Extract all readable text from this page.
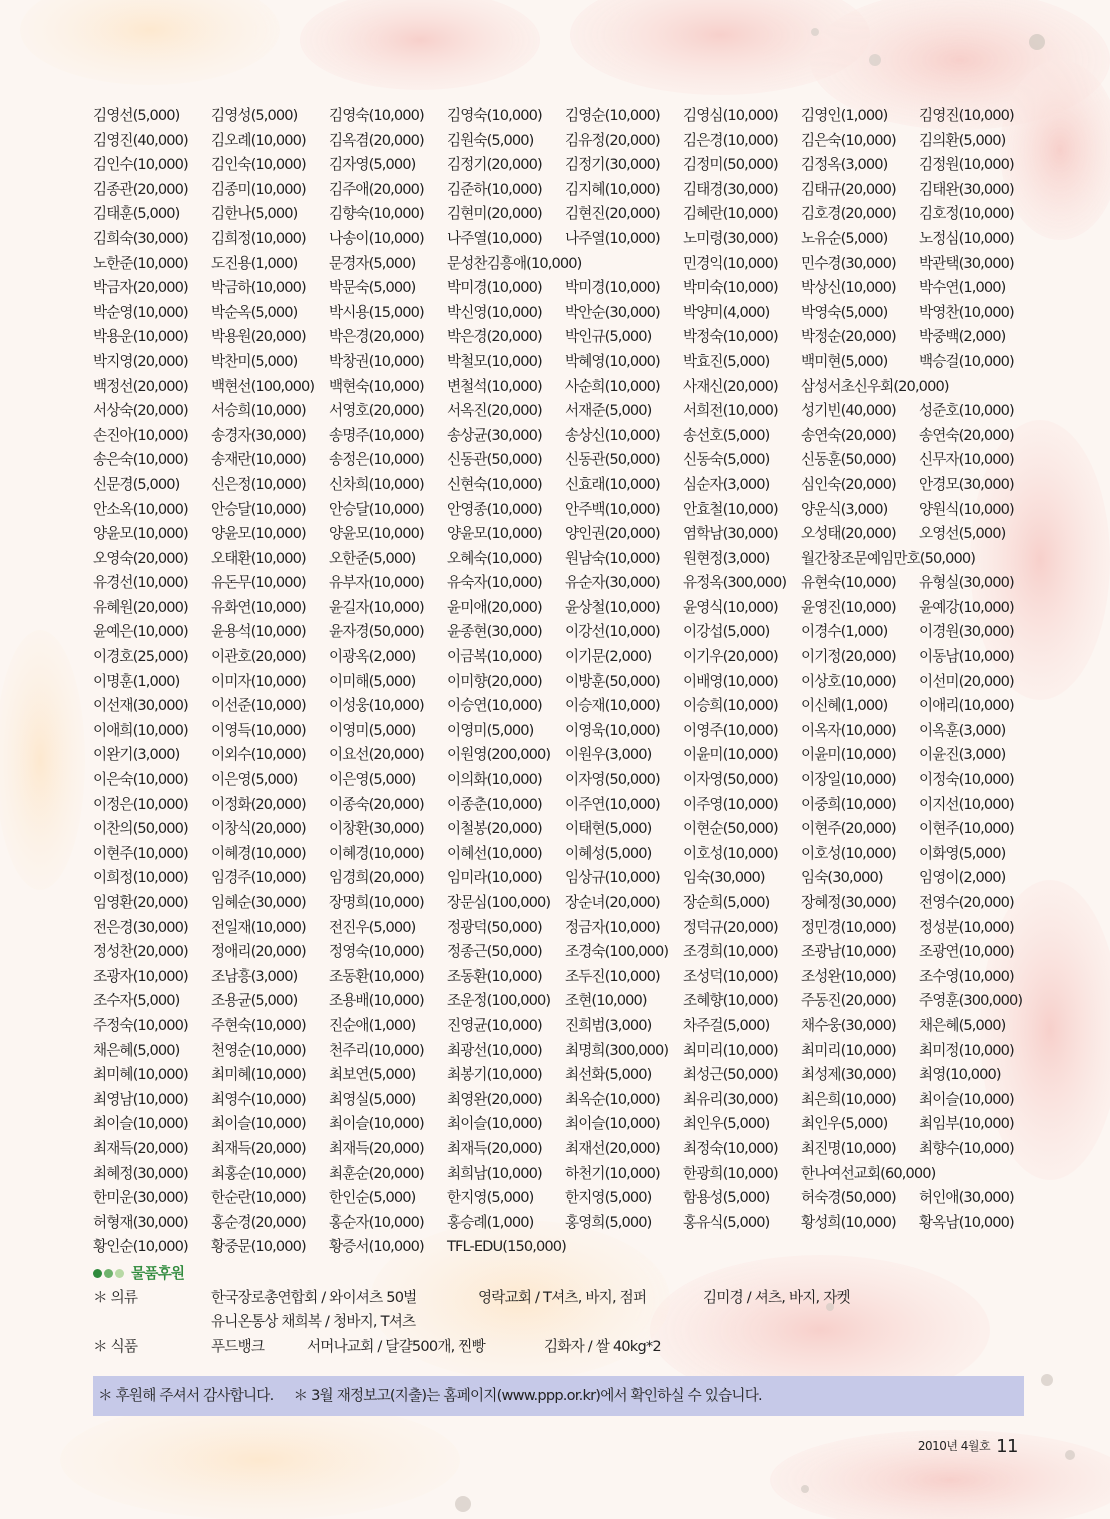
김영선(5,000) 김영성(5,000) 김영숙(10,000) 김영숙(10,000) 김영순(10,000) 김영심(10,000) 김영인(1,000) 김영진(10,000)
김영진(40,000) 김오례(10,000) 김옥겸(20,000) 김원숙(5,000) 김유정(20,000) 김은경(10,000) 김은숙(10,000) 김의환(5,000)
김인수(10,000) 김인숙(10,000) 김자영(5,000) 김정기(20,000) 김정기(30,000) 김정미(50,000) 김정옥(3,000) 김정원(10,000)
김종관(20,000) 김종미(10,000) 김주애(20,000) 김준하(10,000) 김지혜(10,000) 김태경(30,000) 김태규(20,000) 김태완(30,000)
김태훈(5,000) 김한나(5,000) 김향숙(10,000) 김현미(20,000) 김현진(20,000) 김혜란(10,000) 김호경(20,000) 김호정(10,000)
김희숙(30,000) 김희정(10,000) 나송이(10,000) 나주열(10,000) 나주열(10,000) 노미령(30,000) 노유순(5,000) 노정심(10,000)
노한준(10,000) 도진용(1,000) 문경자(5,000) 문성찬김흥애(10,000)	민경익(10,000) 민수경(30,000) 박관택(30,000)
박금자(20,000) 박금하(10,000) 박문숙(5,000) 박미경(10,000) 박미경(10,000) 박미숙(10,000) 박상신(10,000) 박수연(1,000)
박순영(10,000) 박순옥(5,000) 박시용(15,000) 박신영(10,000) 박안순(30,000) 박양미(4,000) 박영숙(5,000) 박영찬(10,000)
박용운(10,000) 박용원(20,000) 박은경(20,000) 박은경(20,000) 박인규(5,000) 박정숙(10,000) 박정순(20,000) 박중백(2,000)
박지영(20,000) 박찬미(5,000) 박창권(10,000) 박철모(10,000) 박혜영(10,000) 박효진(5,000) 백미현(5,000) 백승걸(10,000)
백정선(20,000) 백현선(100,000) 백현숙(10,000) 변철석(10,000) 사순희(10,000) 사재신(20,000) 삼성서초신우회(20,000)
서상숙(20,000) 서승희(10,000) 서영호(20,000) 서옥진(20,000) 서재준(5,000) 서희전(10,000) 성기빈(40,000) 성준호(10,000)
손진아(10,000) 송경자(30,000) 송명주(10,000) 송상균(30,000) 송상신(10,000) 송선호(5,000) 송연숙(20,000) 송연숙(20,000)
송은숙(10,000) 송재란(10,000) 송정은(10,000) 신동관(50,000) 신동관(50,000) 신동숙(5,000) 신동훈(50,000) 신무자(10,000)
신문경(5,000) 신은정(10,000) 신차희(10,000) 신현숙(10,000) 신효래(10,000) 심순자(3,000) 심인숙(20,000) 안경모(30,000)
안소옥(10,000) 안승달(10,000) 안승달(10,000) 안영종(10,000) 안주백(10,000) 안효철(10,000) 양운식(3,000) 양원식(10,000)
양윤모(10,000) 양윤모(10,000) 양윤모(10,000) 양윤모(10,000) 양인권(20,000) 염학남(30,000) 오성태(20,000) 오영선(5,000)
오영숙(20,000) 오태환(10,000) 오한준(5,000) 오혜숙(10,000) 원남숙(10,000) 원현정(3,000) 월간창조문예임만호(50,000)
유경선(10,000) 유돈무(10,000) 유부자(10,000) 유숙자(10,000) 유순자(30,000) 유정옥(300,000) 유현숙(10,000) 유형실(30,000)
유혜원(20,000) 유화연(10,000) 윤길자(10,000) 윤미애(20,000) 윤상철(10,000) 윤영식(10,000) 윤영진(10,000) 윤예강(10,000)
윤예은(10,000) 윤용석(10,000) 윤자경(50,000) 윤종현(30,000) 이강선(10,000) 이강섭(5,000) 이경수(1,000) 이경원(30,000)
이경호(25,000) 이관호(20,000) 이광옥(2,000) 이금복(10,000) 이기문(2,000) 이기우(20,000) 이기정(20,000) 이동남(10,000)
이명훈(1,000) 이미자(10,000) 이미해(5,000) 이미향(20,000) 이방훈(50,000) 이배영(10,000) 이상호(10,000) 이선미(20,000)
이선재(30,000) 이선준(10,000) 이성웅(10,000) 이승연(10,000) 이승재(10,000) 이승희(10,000) 이신혜(1,000) 이애리(10,000)
이애희(10,000) 이영득(10,000) 이영미(5,000) 이영미(5,000) 이영욱(10,000) 이영주(10,000) 이옥자(10,000) 이옥훈(3,000)
이완기(3,000) 이외수(10,000) 이요선(20,000) 이원영(200,000) 이원우(3,000) 이윤미(10,000) 이윤미(10,000) 이윤진(3,000)
이은숙(10,000) 이은영(5,000) 이은영(5,000) 이의화(10,000) 이자영(50,000) 이자영(50,000) 이장일(10,000) 이정숙(10,000)
이정은(10,000) 이정화(20,000) 이종숙(20,000) 이종춘(10,000) 이주연(10,000) 이주영(10,000) 이중희(10,000) 이지선(10,000)
이찬의(50,000) 이창식(20,000) 이창환(30,000) 이철봉(20,000) 이태현(5,000) 이현순(50,000) 이현주(20,000) 이현주(10,000)
이현주(10,000) 이혜경(10,000) 이혜경(10,000) 이혜선(10,000) 이혜성(5,000) 이호성(10,000) 이호성(10,000) 이화영(5,000)
이희정(10,000) 임경주(10,000) 임경희(20,000) 임미라(10,000) 임상규(10,000) 임숙(30,000) 임숙(30,000) 임영이(2,000)
임영환(20,000) 임혜순(30,000) 장명희(10,000) 장문심(100,000) 장순녀(20,000) 장순희(5,000) 장혜정(30,000) 전영수(20,000)
전은경(30,000) 전일재(10,000) 전진우(5,000) 정광덕(50,000) 정금자(10,000) 정덕규(20,000) 정민경(10,000) 정성분(10,000)
정성찬(20,000) 정애리(20,000) 정영숙(10,000) 정종근(50,000) 조경숙(100,000) 조경희(10,000) 조광남(10,000) 조광연(10,000)
조광자(10,000) 조남흥(3,000) 조동환(10,000) 조동환(10,000) 조두진(10,000) 조성덕(10,000) 조성완(10,000) 조수영(10,000)
조수자(5,000) 조용균(5,000) 조용배(10,000) 조운정(100,000) 조현(10,000) 조혜향(10,000) 주동진(20,000) 주영훈(300,000)
주정숙(10,000) 주현숙(10,000) 진순애(1,000) 진영균(10,000) 진희범(3,000) 차주걸(5,000) 채수웅(30,000) 채은혜(5,000)
채은혜(5,000) 천영순(10,000) 천주리(10,000) 최광선(10,000) 최명희(300,000) 최미리(10,000) 최미리(10,000) 최미정(10,000)
최미혜(10,000) 최미혜(10,000) 최보연(5,000) 최봉기(10,000) 최선화(5,000) 최성근(50,000) 최성제(30,000) 최영(10,000)
최영남(10,000) 최영수(10,000) 최영실(5,000) 최영완(20,000) 최옥순(10,000) 최유리(30,000) 최은희(10,000) 최이슬(10,000)
최이슬(10,000) 최이슬(10,000) 최이슬(10,000) 최이슬(10,000) 최이슬(10,000) 최인우(5,000) 최인우(5,000) 최임부(10,000)
최재득(20,000) 최재득(20,000) 최재득(20,000) 최재득(20,000) 최재선(20,000) 최정숙(10,000) 최진명(10,000) 최향수(10,000)
최혜정(30,000) 최홍순(10,000) 최훈순(20,000) 최희남(10,000) 하천기(10,000) 한광희(10,000) 한나여선교회(60,000)
한미운(30,000) 한순란(10,000) 한인순(5,000) 한지영(5,000) 한지영(5,000) 함용성(5,000) 허숙경(50,000) 허인애(30,000)
허형재(30,000) 홍순경(20,000) 홍순자(10,000) 홍승례(1,000) 홍영희(5,000) 홍유식(5,000) 황성희(10,000) 황옥남(10,000)
황인순(10,000) 황중문(10,000) 황증서(10,000) TFL-EDU(150,000)
물품후원
＊ 의류	한국장로총연합회 / 와이셔츠 50벌	영락교회 / T셔츠, 바지, 점퍼	김미경 / 셔츠, 바지, 자켓
유니온통상 채희복 / 청바지, T셔츠
＊ 식품	푸드뱅크	서머나교회 / 달걀500개, 찐빵	김화자 / 쌀 40kg*2
＊ 후원해 주셔서 감사합니다. ＊ 3월 재정보고(지출)는 홈페이지(www.ppp.or.kr)에서 확인하실 수 있습니다.
2010년 4월호 11
